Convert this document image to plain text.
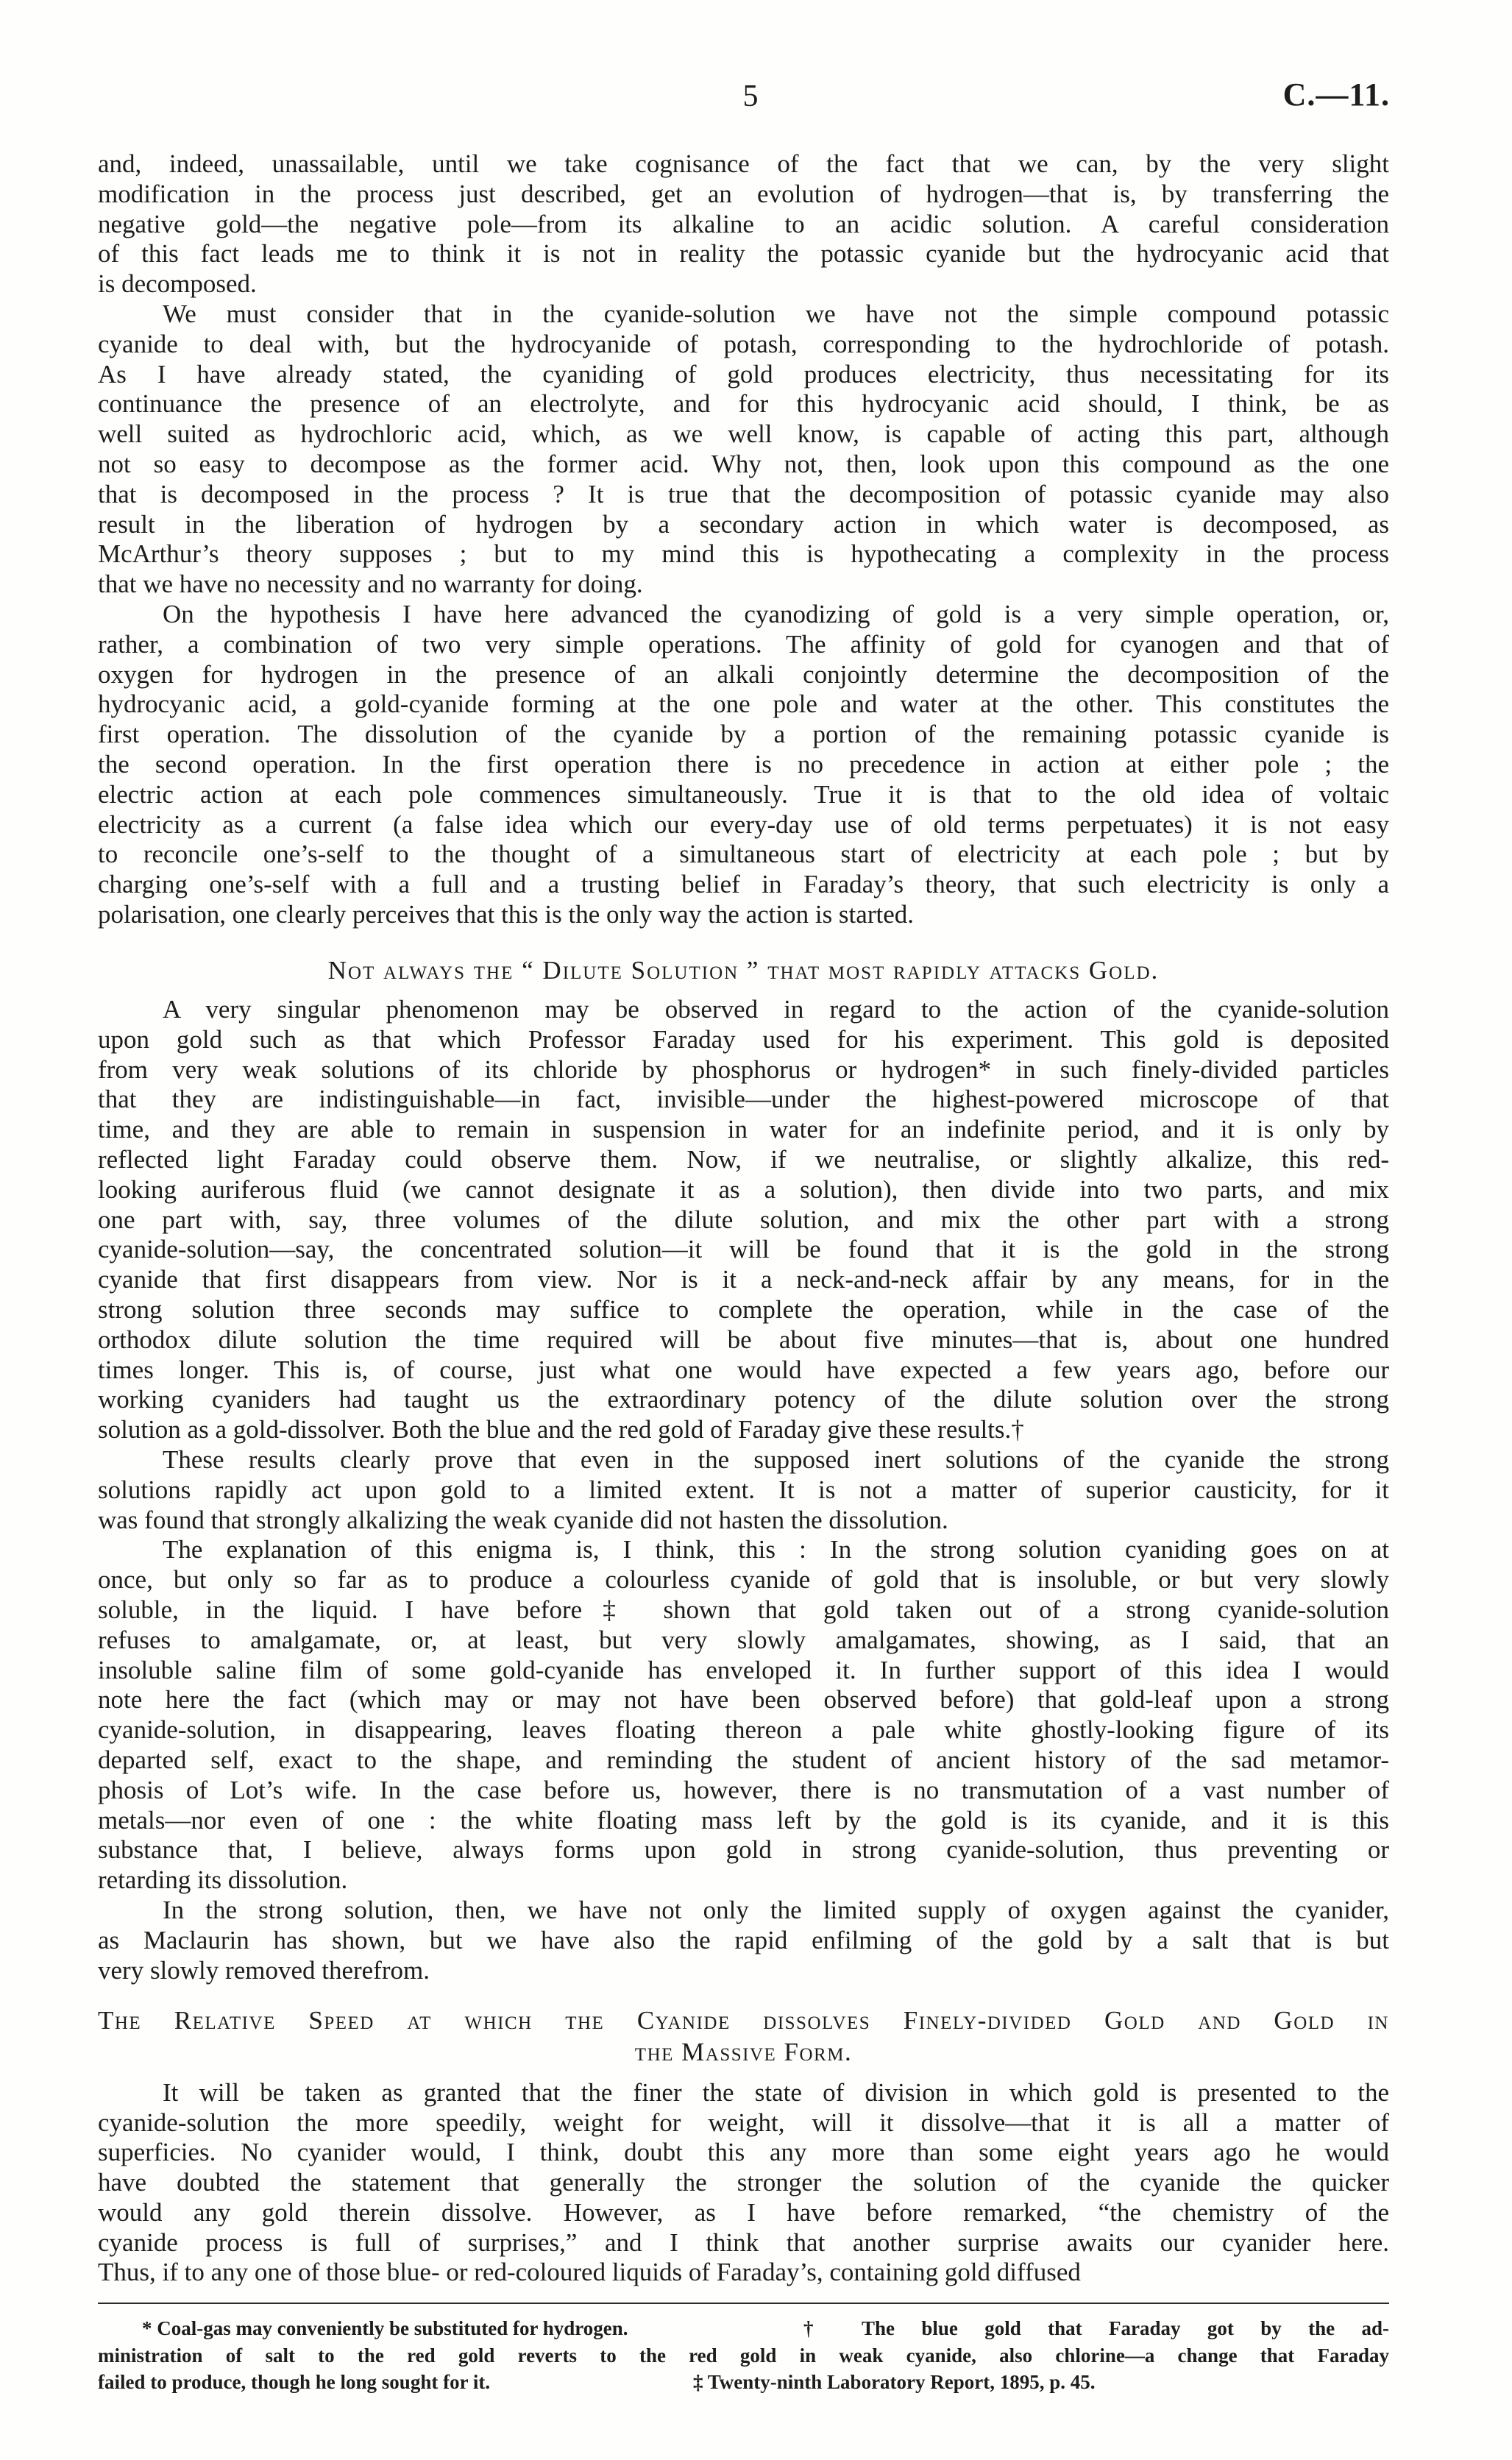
5	C.—11.
and, indeed, unassailable, until we take cognisance of the fact that we can, by the very slight
modification in the process just described, get an evolution of hydrogen—that is, by transferring the
negative gold—the negative pole—from its alkaline to an acidic solution. A careful consideration
of this fact leads me to think it is not in reality the potassic cyanide but the hydrocyanic acid that
is decomposed.
We must consider that in the cyanide-solution we have not the simple compound potassic
cyanide to deal with, but the hydrocyanide of potash, corresponding to the hydrochloride of potash.
As I have already stated, the cyaniding of gold produces electricity, thus necessitating for its
continuance the presence of an electrolyte, and for this hydrocyanic acid should, I think, be as
well suited as hydrochloric acid, which, as we well know, is capable of acting this part, although
not so easy to decompose as the former acid. Why not, then, look upon this compound as the one
that is decomposed in the process ? It is true that the decomposition of potassic cyanide may also
result in the liberation of hydrogen by a secondary action in which water is decomposed, as
McArthur’s theory supposes ; but to my mind this is hypothecating a complexity in the process
that we have no necessity and no warranty for doing.
On the hypothesis I have here advanced the cyanodizing of gold is a very simple operation, or,
rather, a combination of two very simple operations. The affinity of gold for cyanogen and that of
oxygen for hydrogen in the presence of an alkali conjointly determine the decomposition of the
hydrocyanic acid, a gold-cyanide forming at the one pole and water at the other. This constitutes the
first operation. The dissolution of the cyanide by a portion of the remaining potassic cyanide is
the second operation. In the first operation there is no precedence in action at either pole ; the
electric action at each pole commences simultaneously. True it is that to the old idea of voltaic
electricity as a current (a false idea which our every-day use of old terms perpetuates) it is not easy
to reconcile one’s-self to the thought of a simultaneous start of electricity at each pole ; but by
charging one’s-self with a full and a trusting belief in Faraday’s theory, that such electricity is only a
polarisation, one clearly perceives that this is the only way the action is started.
Not always the “ Dilute Solution ” that most rapidly attacks Gold.
A very singular phenomenon may be observed in regard to the action of the cyanide-solution
upon gold such as that which Professor Faraday used for his experiment. This gold is deposited
from very weak solutions of its chloride by phosphorus or hydrogen* in such finely-divided particles
that they are indistinguishable—in fact, invisible—under the highest-powered microscope of that
time, and they are able to remain in suspension in water for an indefinite period, and it is only by
reflected light Faraday could observe them. Now, if we neutralise, or slightly alkalize, this red-
looking auriferous fluid (we cannot designate it as a solution), then divide into two parts, and mix
one part with, say, three volumes of the dilute solution, and mix the other part with a strong
cyanide-solution—say, the concentrated solution—it will be found that it is the gold in the strong
cyanide that first disappears from view. Nor is it a neck-and-neck affair by any means, for in the
strong solution three seconds may suffice to complete the operation, while in the case of the
orthodox dilute solution the time required will be about five minutes—that is, about one hundred
times longer. This is, of course, just what one would have expected a few years ago, before our
working cyaniders had taught us the extraordinary potency of the dilute solution over the strong
solution as a gold-dissolver. Both the blue and the red gold of Faraday give these results.†
These results clearly prove that even in the supposed inert solutions of the cyanide the strong
solutions rapidly act upon gold to a limited extent. It is not a matter of superior causticity, for it
was found that strongly alkalizing the weak cyanide did not hasten the dissolution.
The explanation of this enigma is, I think, this : In the strong solution cyaniding goes on at
once, but only so far as to produce a colourless cyanide of gold that is insoluble, or but very slowly
soluble, in the liquid. I have before‡ shown that gold taken out of a strong cyanide-solution
refuses to amalgamate, or, at least, but very slowly amalgamates, showing, as I said, that an
insoluble saline film of some gold-cyanide has enveloped it. In further support of this idea I would
note here the fact (which may or may not have been observed before) that gold-leaf upon a strong
cyanide-solution, in disappearing, leaves floating thereon a pale white ghostly-looking figure of its
departed self, exact to the shape, and reminding the student of ancient history of the sad metamor-
phosis of Lot’s wife. In the case before us, however, there is no transmutation of a vast number of
metals—nor even of one : the white floating mass left by the gold is its cyanide, and it is this
substance that, I believe, always forms upon gold in strong cyanide-solution, thus preventing or
retarding its dissolution.
In the strong solution, then, we have not only the limited supply of oxygen against the cyanider,
as Maclaurin has shown, but we have also the rapid enfilming of the gold by a salt that is but
very slowly removed therefrom.
The Relative Speed at which the Cyanide dissolves Finely-divided Gold and Gold in
the Massive Form.
It will be taken as granted that the finer the state of division in which gold is presented to the
cyanide-solution the more speedily, weight for weight, will it dissolve—that it is all a matter of
superficies. No cyanider would, I think, doubt this any more than some eight years ago he would
have doubted the statement that generally the stronger the solution of the cyanide the quicker
would any gold therein dissolve. However, as I have before remarked, “the chemistry of the
cyanide process is full of surprises,” and I think that another surprise awaits our cyanider here.
Thus, if to any one of those blue- or red-coloured liquids of Faraday’s, containing gold diffused
* Coal-gas may conveniently be substituted for hydrogen.	† The blue gold that Faraday got by the ad-
ministration of salt to the red gold reverts to the red gold in weak cyanide, also chlorine—a change that Faraday
failed to produce, though he long sought for it.	‡ Twenty-ninth Laboratory Report, 1895, p. 45.
